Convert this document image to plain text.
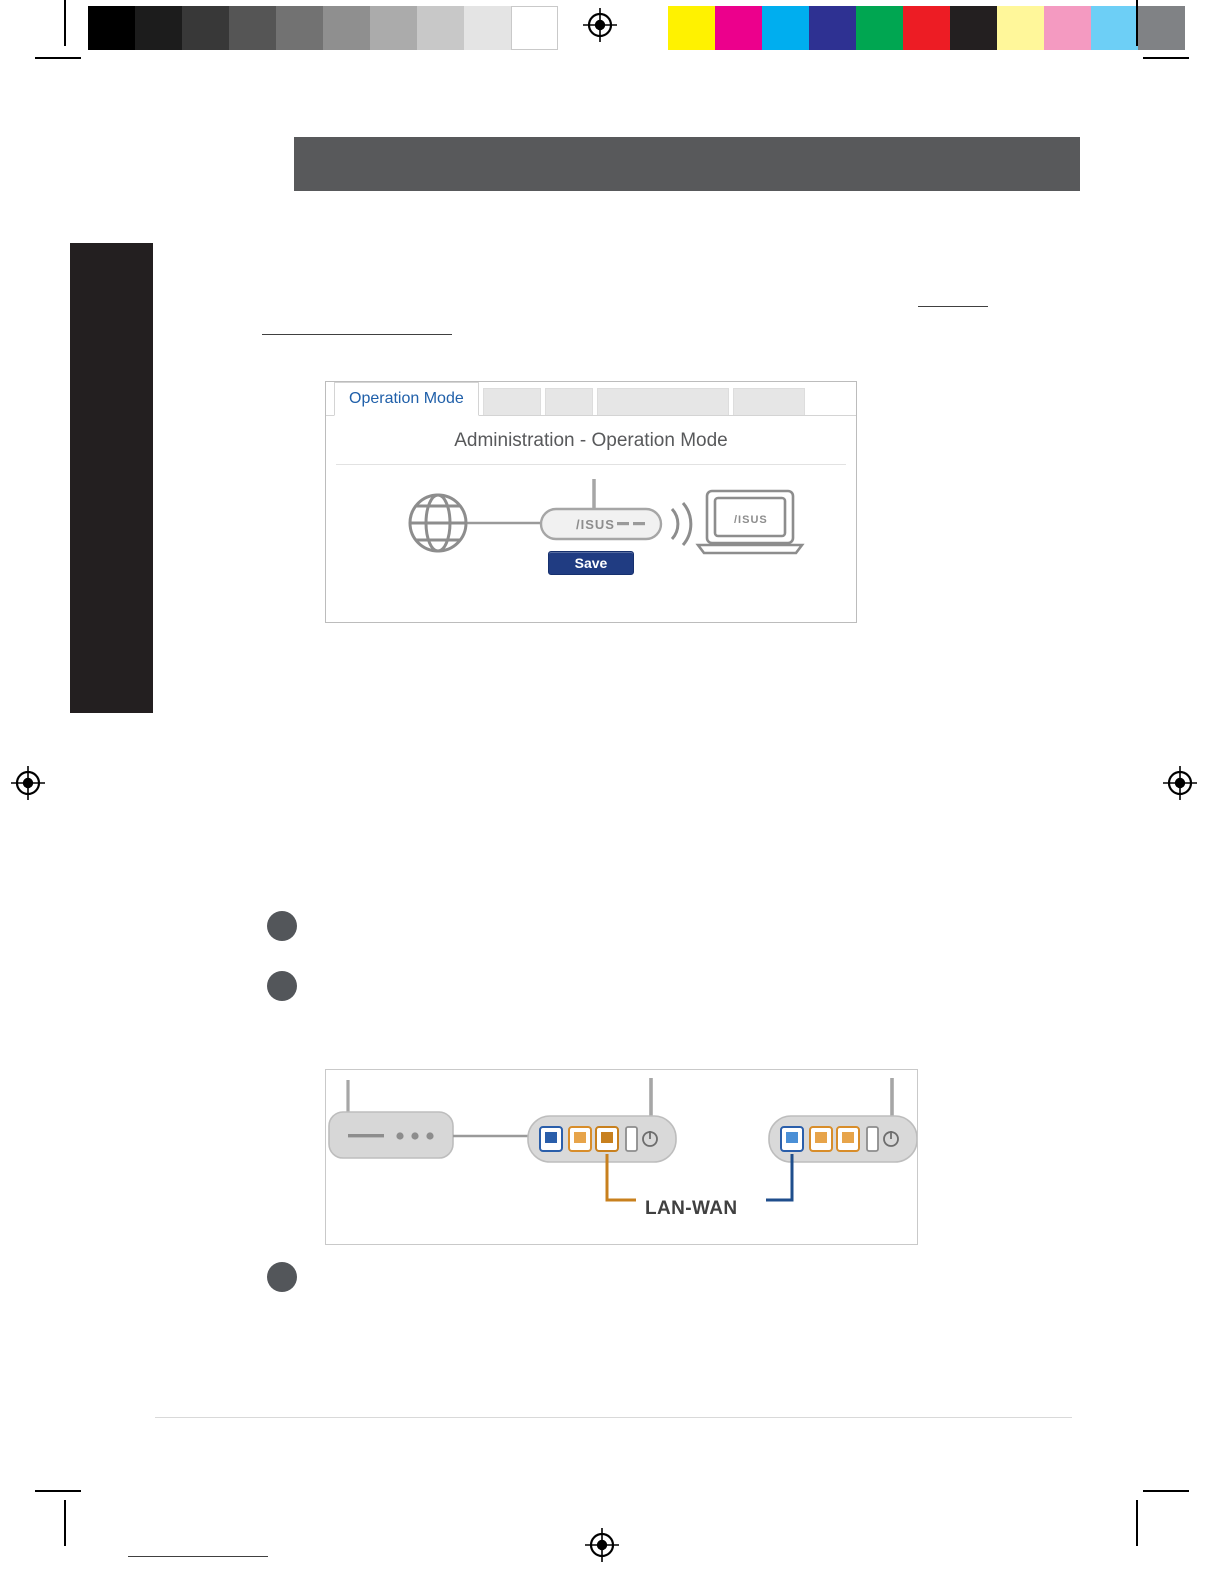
Operation Mode
Administration - Operation Mode
/ISUS	/ISUS
Save
LAN-WAN
